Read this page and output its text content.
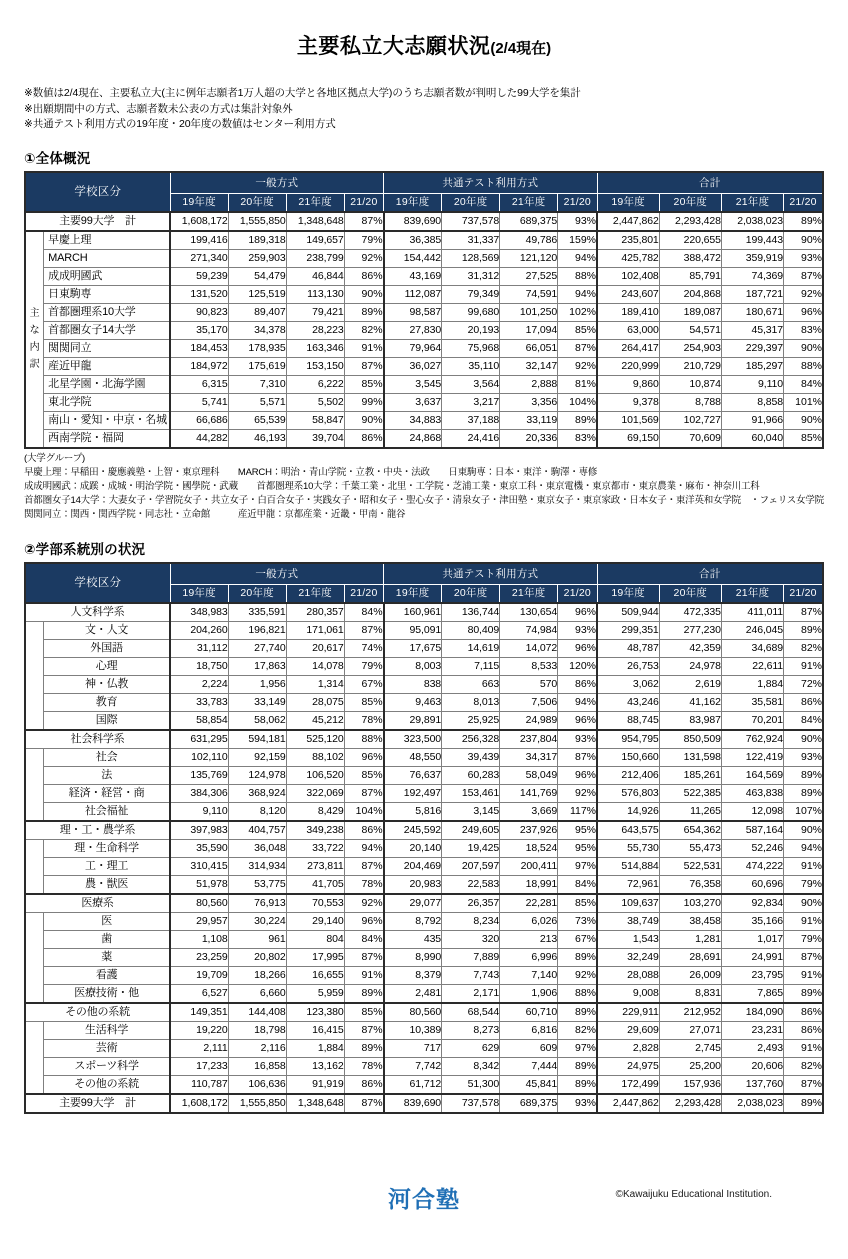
主要私立大志願状況(2/4現在)
※数値は2/4現在、主要私立大(主に例年志願者1万人超の大学と各地区拠点大学)のうち志願者数が判明した99大学を集計
※出願期間中の方式、志願者数未公表の方式は集計対象外
※共通テスト利用方式の19年度・20年度の数値はセンター利用方式
①全体概況
学校区分		一般方式				共通テスト利用方式				合計			
		19年度	20年度	21年度	21/20	19年度	20年度	21年度	21/20	19年度	20年度	21年度	21/20
主要99大学　計		1,608,172	1,555,850	1,348,648	87%	839,690	737,578	689,375	93%	2,447,862	2,293,428	2,038,023	89%

主
な
内
訳	早慶上理	199,416	189,318	149,657	79%	36,385	31,337	49,786	159%	235,801	220,655	199,443	90%
	MARCH	271,340	259,903	238,799	92%	154,442	128,569	121,120	94%	425,782	388,472	359,919	93%
	成成明國武	59,239	54,479	46,844	86%	43,169	31,312	27,525	88%	102,408	85,791	74,369	87%
	日東駒専	131,520	125,519	113,130	90%	112,087	79,349	74,591	94%	243,607	204,868	187,721	92%
	首都圏理系10大学	90,823	89,407	79,421	89%	98,587	99,680	101,250	102%	189,410	189,087	180,671	96%
	首都圏女子14大学	35,170	34,378	28,223	82%	27,830	20,193	17,094	85%	63,000	54,571	45,317	83%
	関関同立	184,453	178,935	163,346	91%	79,964	75,968	66,051	87%	264,417	254,903	229,397	90%
	産近甲龍	184,972	175,619	153,150	87%	36,027	35,110	32,147	92%	220,999	210,729	185,297	88%
	北星学園・北海学園	6,315	7,310	6,222	85%	3,545	3,564	2,888	81%	9,860	10,874	9,110	84%
	東北学院	5,741	5,571	5,502	99%	3,637	3,217	3,356	104%	9,378	8,788	8,858	101%
	南山・愛知・中京・名城	66,686	65,539	58,847	90%	34,883	37,188	33,119	89%	101,569	102,727	91,966	90%
	西南学院・福岡	44,282	46,193	39,704	86%	24,868	24,416	20,336	83%	69,150	70,609	60,040	85%
(大学グループ)
早慶上理：早稲田・慶應義塾・上智・東京理科　　MARCH：明治・青山学院・立教・中央・法政　　日東駒専：日本・東洋・駒澤・専修
成成明國武：成蹊・成城・明治学院・國學院・武蔵　　首都圏理系10大学：千葉工業・北里・工学院・芝浦工業・東京工科・東京電機・東京都市・東京農業・麻布・神奈川工科
首都圏女子14大学：大妻女子・学習院女子・共立女子・白百合女子・実践女子・昭和女子・聖心女子・清泉女子・津田塾・東京女子・東京家政・日本女子・東洋英和女学院　・フェリス女学院
関関同立：関西・関西学院・同志社・立命館　　　産近甲龍：京都産業・近畿・甲南・龍谷
②学部系統別の状況
学校区分		一般方式				共通テスト利用方式				合計			
		19年度	20年度	21年度	21/20	19年度	20年度	21年度	21/20	19年度	20年度	21年度	21/20
人文科学系		348,983	335,591	280,357	84%	160,961	136,744	130,654	96%	509,944	472,335	411,011	87%
	文・人文	204,260	196,821	171,061	87%	95,091	80,409	74,984	93%	299,351	277,230	246,045	89%
	外国語	31,112	27,740	20,617	74%	17,675	14,619	14,072	96%	48,787	42,359	34,689	82%
	心理	18,750	17,863	14,078	79%	8,003	7,115	8,533	120%	26,753	24,978	22,611	91%
	神・仏教	2,224	1,956	1,314	67%	838	663	570	86%	3,062	2,619	1,884	72%
	教育	33,783	33,149	28,075	85%	9,463	8,013	7,506	94%	43,246	41,162	35,581	86%
	国際	58,854	58,062	45,212	78%	29,891	25,925	24,989	96%	88,745	83,987	70,201	84%
社会科学系		631,295	594,181	525,120	88%	323,500	256,328	237,804	93%	954,795	850,509	762,924	90%
	社会	102,110	92,159	88,102	96%	48,550	39,439	34,317	87%	150,660	131,598	122,419	93%
	法	135,769	124,978	106,520	85%	76,637	60,283	58,049	96%	212,406	185,261	164,569	89%
	経済・経営・商	384,306	368,924	322,069	87%	192,497	153,461	141,769	92%	576,803	522,385	463,838	89%
	社会福祉	9,110	8,120	8,429	104%	5,816	3,145	3,669	117%	14,926	11,265	12,098	107%
理・工・農学系		397,983	404,757	349,238	86%	245,592	249,605	237,926	95%	643,575	654,362	587,164	90%
	理・生命科学	35,590	36,048	33,722	94%	20,140	19,425	18,524	95%	55,730	55,473	52,246	94%
	工・理工	310,415	314,934	273,811	87%	204,469	207,597	200,411	97%	514,884	522,531	474,222	91%
	農・獣医	51,978	53,775	41,705	78%	20,983	22,583	18,991	84%	72,961	76,358	60,696	79%
医療系		80,560	76,913	70,553	92%	29,077	26,357	22,281	85%	109,637	103,270	92,834	90%
	医	29,957	30,224	29,140	96%	8,792	8,234	6,026	73%	38,749	38,458	35,166	91%
	歯	1,108	961	804	84%	435	320	213	67%	1,543	1,281	1,017	79%
	薬	23,259	20,802	17,995	87%	8,990	7,889	6,996	89%	32,249	28,691	24,991	87%
	看護	19,709	18,266	16,655	91%	8,379	7,743	7,140	92%	28,088	26,009	23,795	91%
	医療技術・他	6,527	6,660	5,959	89%	2,481	2,171	1,906	88%	9,008	8,831	7,865	89%
その他の系統		149,351	144,408	123,380	85%	80,560	68,544	60,710	89%	229,911	212,952	184,090	86%
	生活科学	19,220	18,798	16,415	87%	10,389	8,273	6,816	82%	29,609	27,071	23,231	86%
	芸術	2,111	2,116	1,884	89%	717	629	609	97%	2,828	2,745	2,493	91%
	スポーツ科学	17,233	16,858	13,162	78%	7,742	8,342	7,444	89%	24,975	25,200	20,606	82%
	その他の系統	110,787	106,636	91,919	86%	61,712	51,300	45,841	89%	172,499	157,936	137,760	87%
主要99大学　計		1,608,172	1,555,850	1,348,648	87%	839,690	737,578	689,375	93%	2,447,862	2,293,428	2,038,023	89%
河合塾	©Kawaijuku Educational Institution.
